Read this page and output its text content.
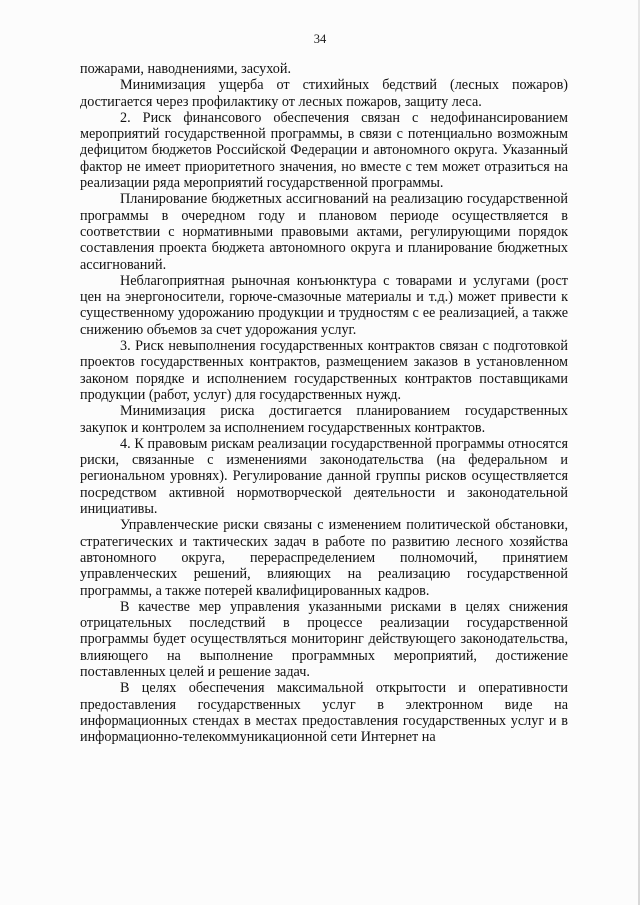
34

пожарами, наводнениями, засухой.

Минимизация ущерба от стихийных бедствий (лесных пожаров) достигается через профилактику от лесных пожаров, защиту леса.

2. Риск финансового обеспечения связан с недофинансированием мероприятий государственной программы, в связи с потенциально возможным дефицитом бюджетов Российской Федерации и автономного округа. Указанный фактор не имеет приоритетного значения, но вместе с тем может отразиться на реализации ряда мероприятий государственной программы.

Планирование бюджетных ассигнований на реализацию государственной программы в очередном году и плановом периоде осуществляется в соответствии с нормативными правовыми актами, регулирующими порядок составления проекта бюджета автономного округа и планирование бюджетных ассигнований.

Неблагоприятная рыночная конъюнктура с товарами и услугами (рост цен на энергоносители, горюче-смазочные материалы и т.д.) может привести к существенному удорожанию продукции и трудностям с ее реализацией, а также снижению объемов за счет удорожания услуг.

3. Риск невыполнения государственных контрактов связан с подготовкой проектов государственных контрактов, размещением заказов в установленном законом порядке и исполнением государственных контрактов поставщиками продукции (работ, услуг) для государственных нужд.

Минимизация риска достигается планированием государственных закупок и контролем за исполнением государственных контрактов.

4. К правовым рискам реализации государственной программы относятся риски, связанные с изменениями законодательства (на федеральном и региональном уровнях). Регулирование данной группы рисков осуществляется посредством активной нормотворческой деятельности и законодательной инициативы.

Управленческие риски связаны с изменением политической обстановки, стратегических и тактических задач в работе по развитию лесного хозяйства автономного округа, перераспределением полномочий, принятием управленческих решений, влияющих на реализацию государственной программы, а также потерей квалифицированных кадров.

В качестве мер управления указанными рисками в целях снижения отрицательных последствий в процессе реализации государственной программы будет осуществляться мониторинг действующего законодательства, влияющего на выполнение программных мероприятий, достижение поставленных целей и решение задач.

В целях обеспечения максимальной открытости и оперативности предоставления государственных услуг в электронном виде на информационных стендах в местах предоставления государственных услуг и в информационно-телекоммуникационной сети Интернет на
